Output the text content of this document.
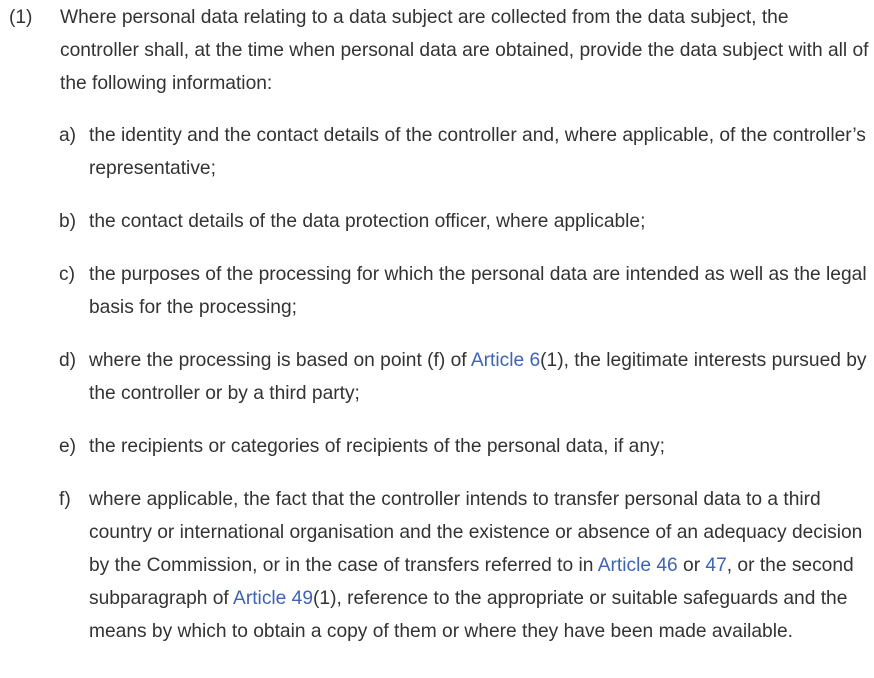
(1) Where personal data relating to a data subject are collected from the data subject, the controller shall, at the time when personal data are obtained, provide the data subject with all of the following information:
a) the identity and the contact details of the controller and, where applicable, of the controller’s representative;
b) the contact details of the data protection officer, where applicable;
c) the purposes of the processing for which the personal data are intended as well as the legal basis for the processing;
d) where the processing is based on point (f) of Article 6(1), the legitimate interests pursued by the controller or by a third party;
e) the recipients or categories of recipients of the personal data, if any;
f) where applicable, the fact that the controller intends to transfer personal data to a third country or international organisation and the existence or absence of an adequacy decision by the Commission, or in the case of transfers referred to in Article 46 or 47, or the second subparagraph of Article 49(1), reference to the appropriate or suitable safeguards and the means by which to obtain a copy of them or where they have been made available.
